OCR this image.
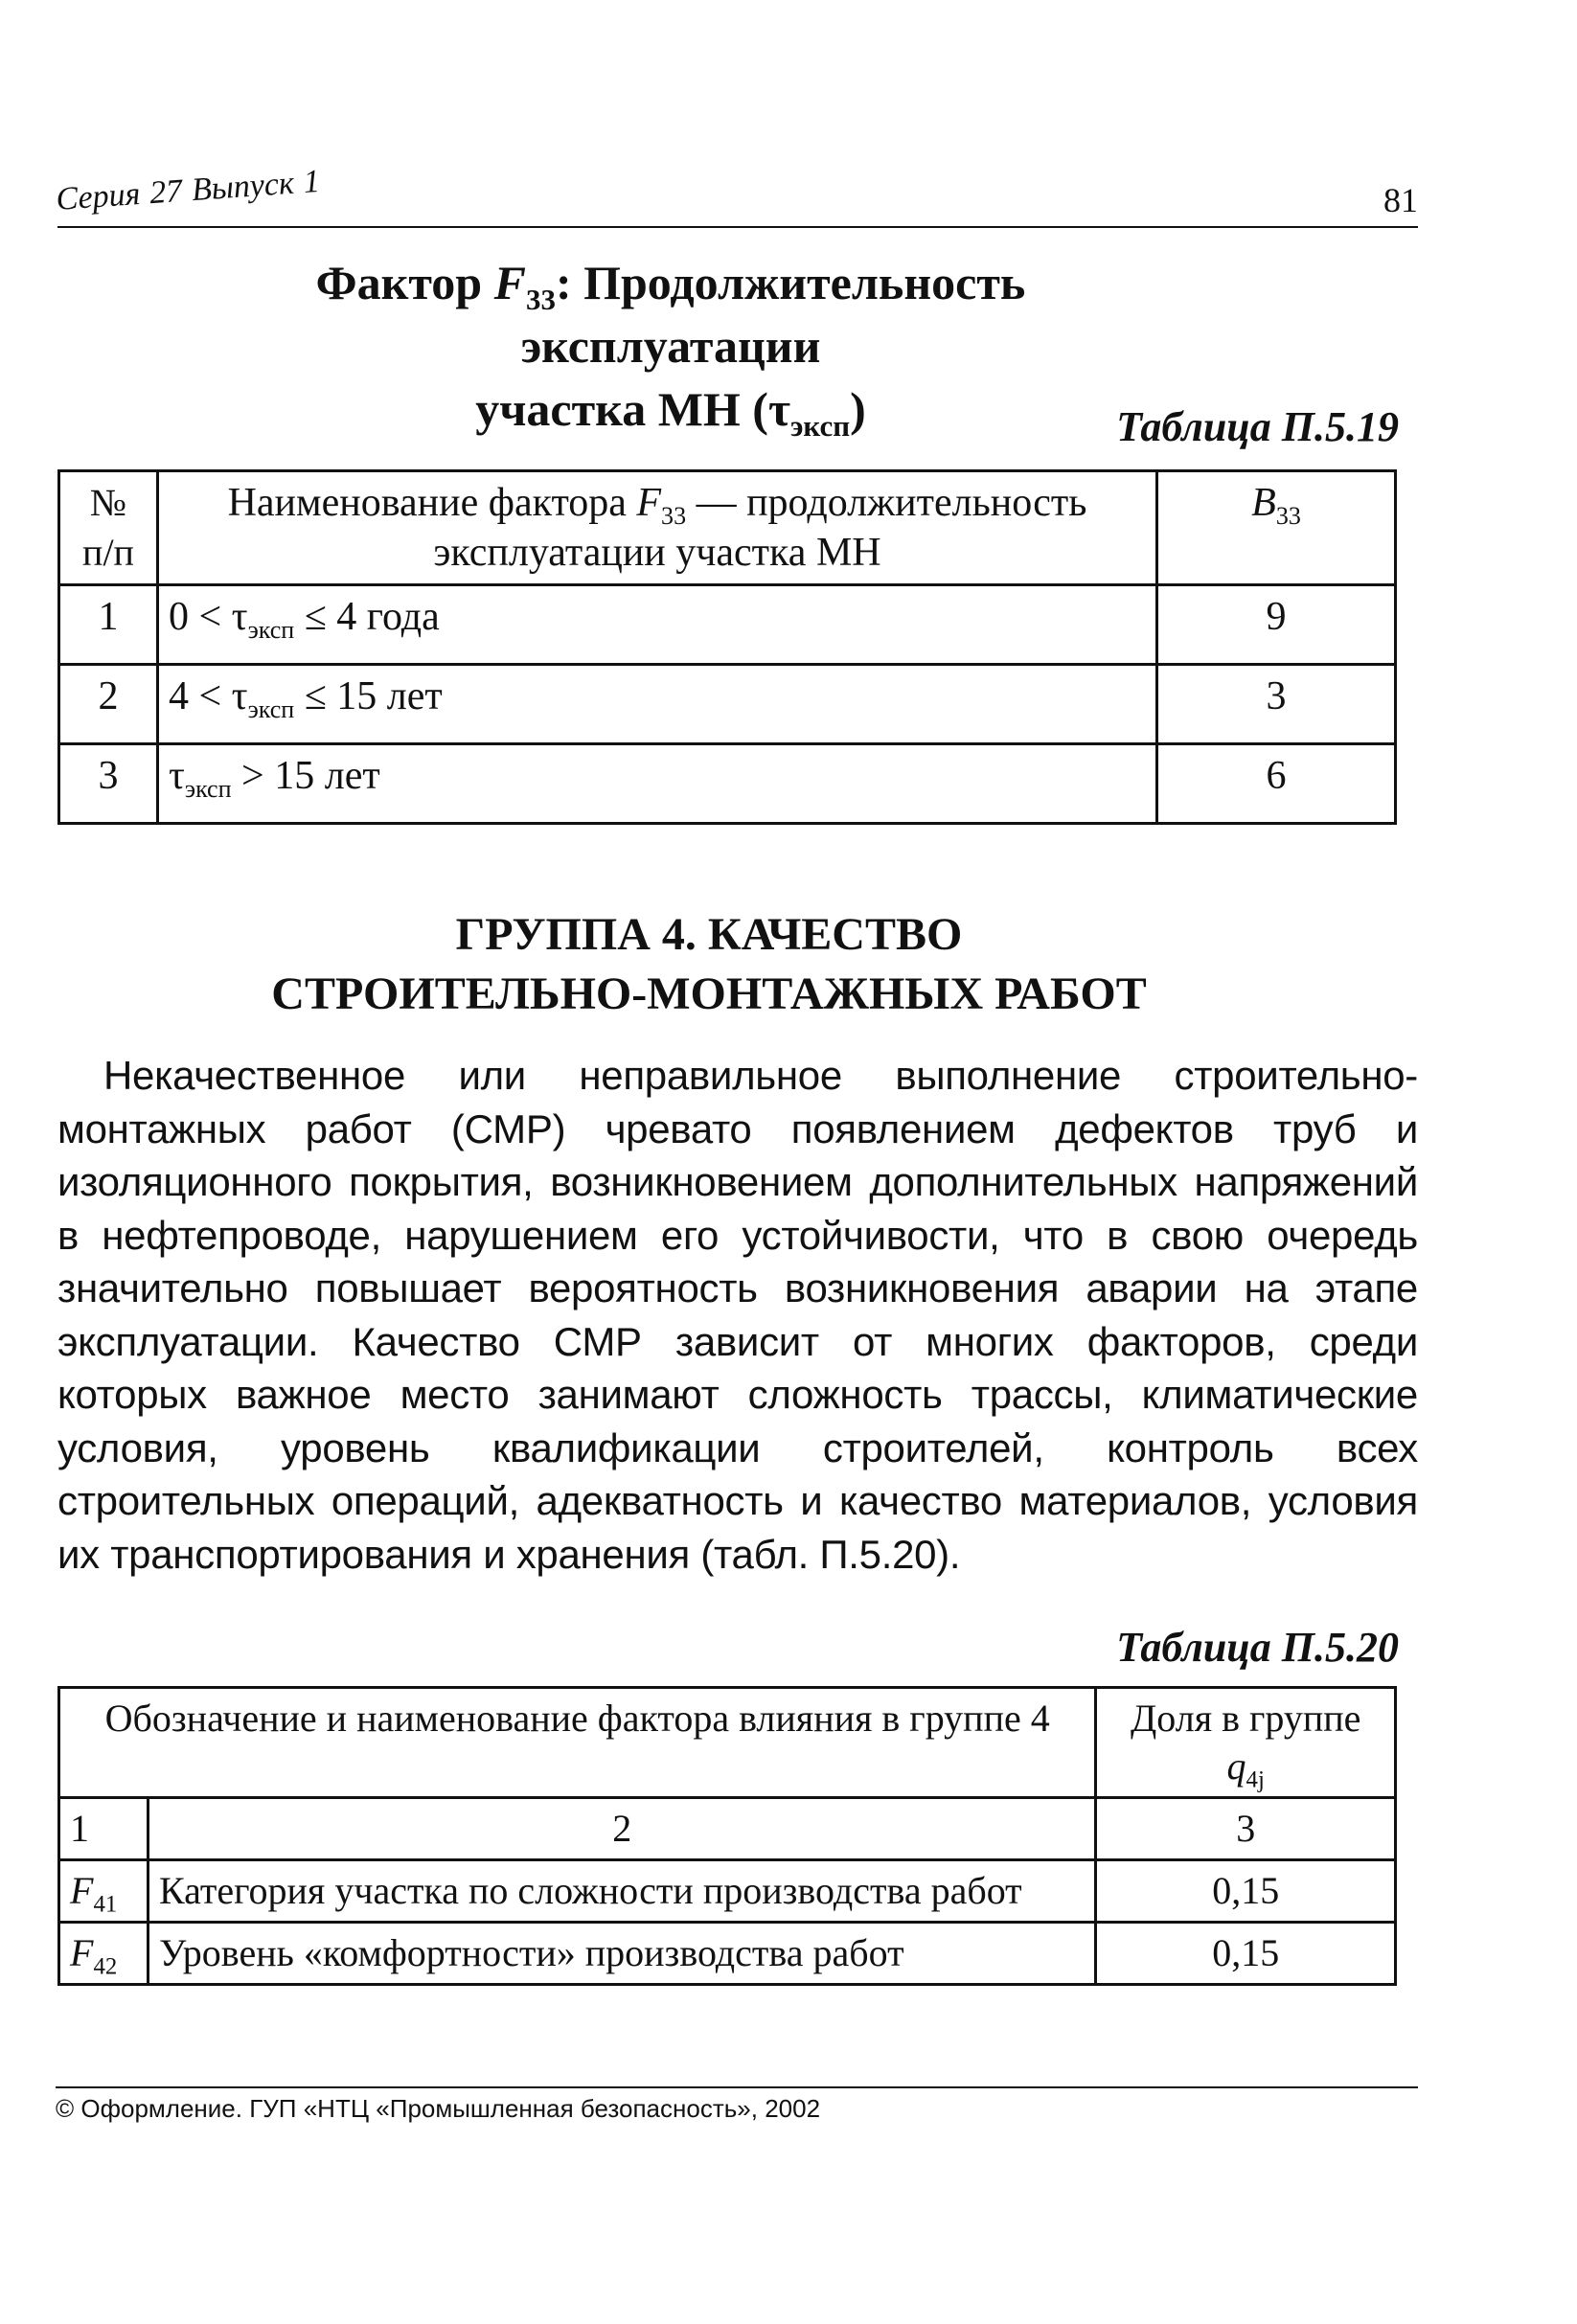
Серия 27 Выпуск 1	81
Фактор $F_{33}$: Продолжительность эксплуатации
участка МН $(\tau_{эксп})$	Таблица П.5.19
№ п/п	Наименование фактора $F_{33}$ — продолжительность эксплуатации участка МН	$B_{33}$
1	$0 < \tau_{эксп} \le 4$ года	9
2	$4 < \tau_{эксп} \le 15$ лет	3
3	$\tau_{эксп} > 15$ лет	6
ГРУППА 4. КАЧЕСТВО
СТРОИТЕЛЬНО-МОНТАЖНЫХ РАБОТ
Некачественное или неправильное выполнение строительно-монтажных работ (СМР) чревато появлением дефектов труб и изоляционного покрытия, возникновением дополнительных напряжений в нефтепроводе, нарушением его устойчивости, что в свою очередь значительно повышает вероятность возникновения аварии на этапе эксплуатации. Качество СМР зависит от многих факторов, среди которых важное место занимают сложность трассы, климатические условия, уровень квалификации строителей, контроль всех строительных операций, адекватность и качество материалов, условия их транспортирования и хранения (табл. П.5.20).
Таблица П.5.20
Обозначение и наименование фактора влияния в группе 4		Доля в группе $q_{4j}$
1	2	3
$F_{41}$	Категория участка по сложности производства работ	0,15
$F_{42}$	Уровень «комфортности» производства работ	0,15
© Оформление. ГУП «НТЦ «Промышленная безопасность», 2002
